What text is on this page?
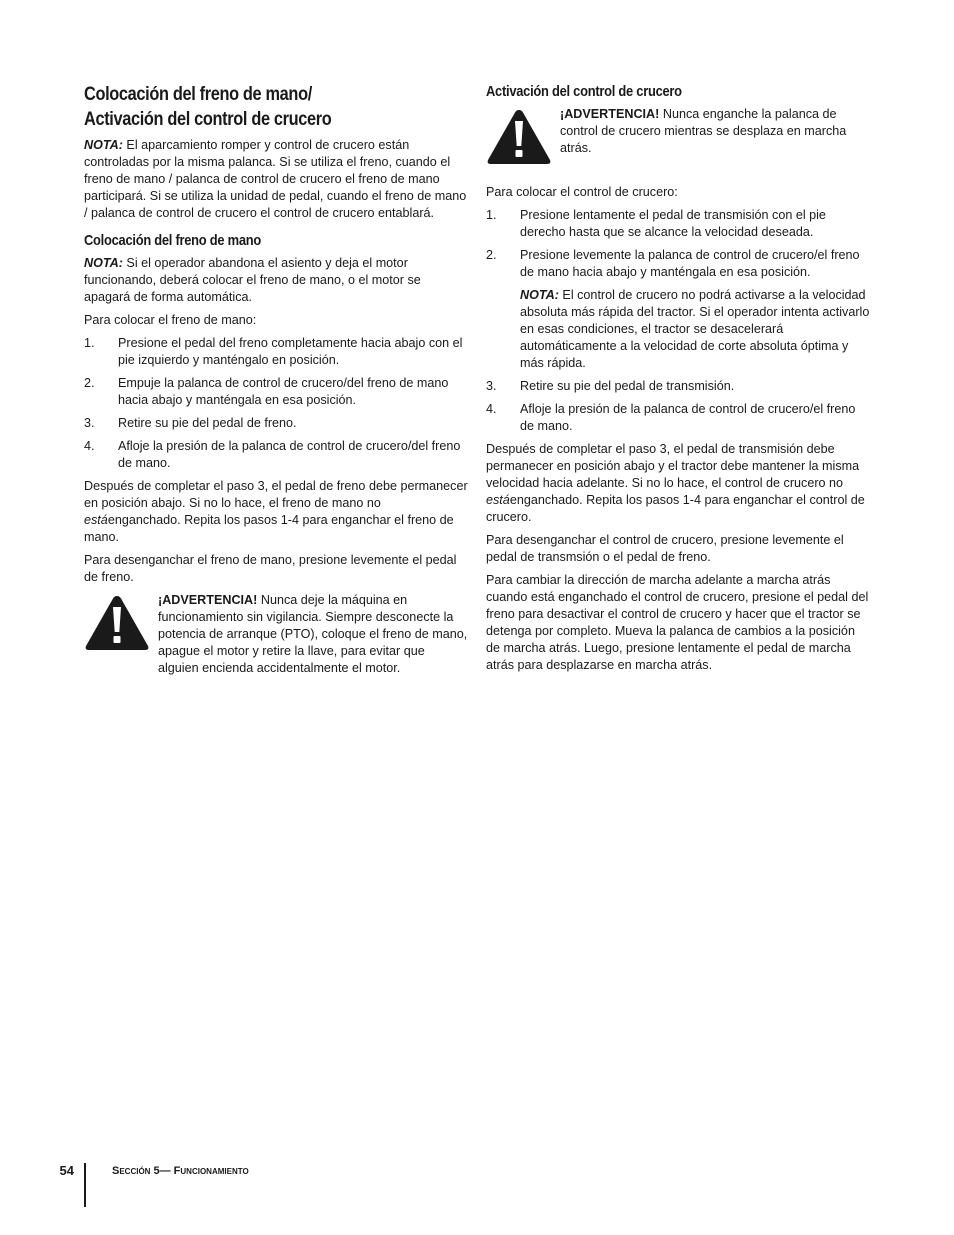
Colocación del freno de mano/
Activación del control de crucero

NOTA: El aparcamiento romper y control de crucero están controladas por la misma palanca. Si se utiliza el freno, cuando el freno de mano / palanca de control de crucero el freno de mano participará. Si se utiliza la unidad de pedal, cuando el freno de mano / palanca de control de crucero el control de crucero entablará.

Colocación del freno de mano

NOTA: Si el operador abandona el asiento y deja el motor funcionando, deberá colocar el freno de mano, o el motor se apagará de forma automática.

Para colocar el freno de mano:

1. Presione el pedal del freno completamente hacia abajo con el pie izquierdo y manténgalo en posición.
2. Empuje la palanca de control de crucero/del freno de mano hacia abajo y manténgala en esa posición.
3. Retire su pie del pedal de freno.
4. Afloje la presión de la palanca de control de crucero/del freno de mano.

Después de completar el paso 3, el pedal de freno debe permanecer en posición abajo. Si no lo hace, el freno de mano no estáenganchado. Repita los pasos 1-4 para enganchar el freno de mano.

Para desenganchar el freno de mano, presione levemente el pedal de freno.

¡ADVERTENCIA! Nunca deje la máquina en funcionamiento sin vigilancia. Siempre desconecte la potencia de arranque (PTO), coloque el freno de mano, apague el motor y retire la llave, para evitar que alguien encienda accidentalmente el motor.
Activación del control de crucero
¡ADVERTENCIA! Nunca enganche la palanca de control de crucero mientras se desplaza en marcha atrás.

Para colocar el control de crucero:

1. Presione lentamente el pedal de transmisión con el pie derecho hasta que se alcance la velocidad deseada.
2. Presione levemente la palanca de control de crucero/el freno de mano hacia abajo y manténgala en esa posición.
NOTA: El control de crucero no podrá activarse a la velocidad absoluta más rápida del tractor. Si el operador intenta activarlo en esas condiciones, el tractor se desacelerará automáticamente a la velocidad de corte absoluta óptima y más rápida.
3. Retire su pie del pedal de transmisión.
4. Afloje la presión de la palanca de control de crucero/el freno de mano.

Después de completar el paso 3, el pedal de transmisión debe permanecer en posición abajo y el tractor debe mantener la misma velocidad hacia adelante. Si no lo hace, el control de crucero no estáenganchado. Repita los pasos 1-4 para enganchar el control de crucero.

Para desenganchar el control de crucero, presione levemente el pedal de transmsión o el pedal de freno.

Para cambiar la dirección de marcha adelante a marcha atrás cuando está enganchado el control de crucero, presione el pedal del freno para desactivar el control de crucero y hacer que el tractor se detenga por completo. Mueva la palanca de cambios a la posición de marcha atrás. Luego, presione lentamente el pedal de marcha atrás para desplazarse en marcha atrás.

54	Sección 5— Funcionamiento
